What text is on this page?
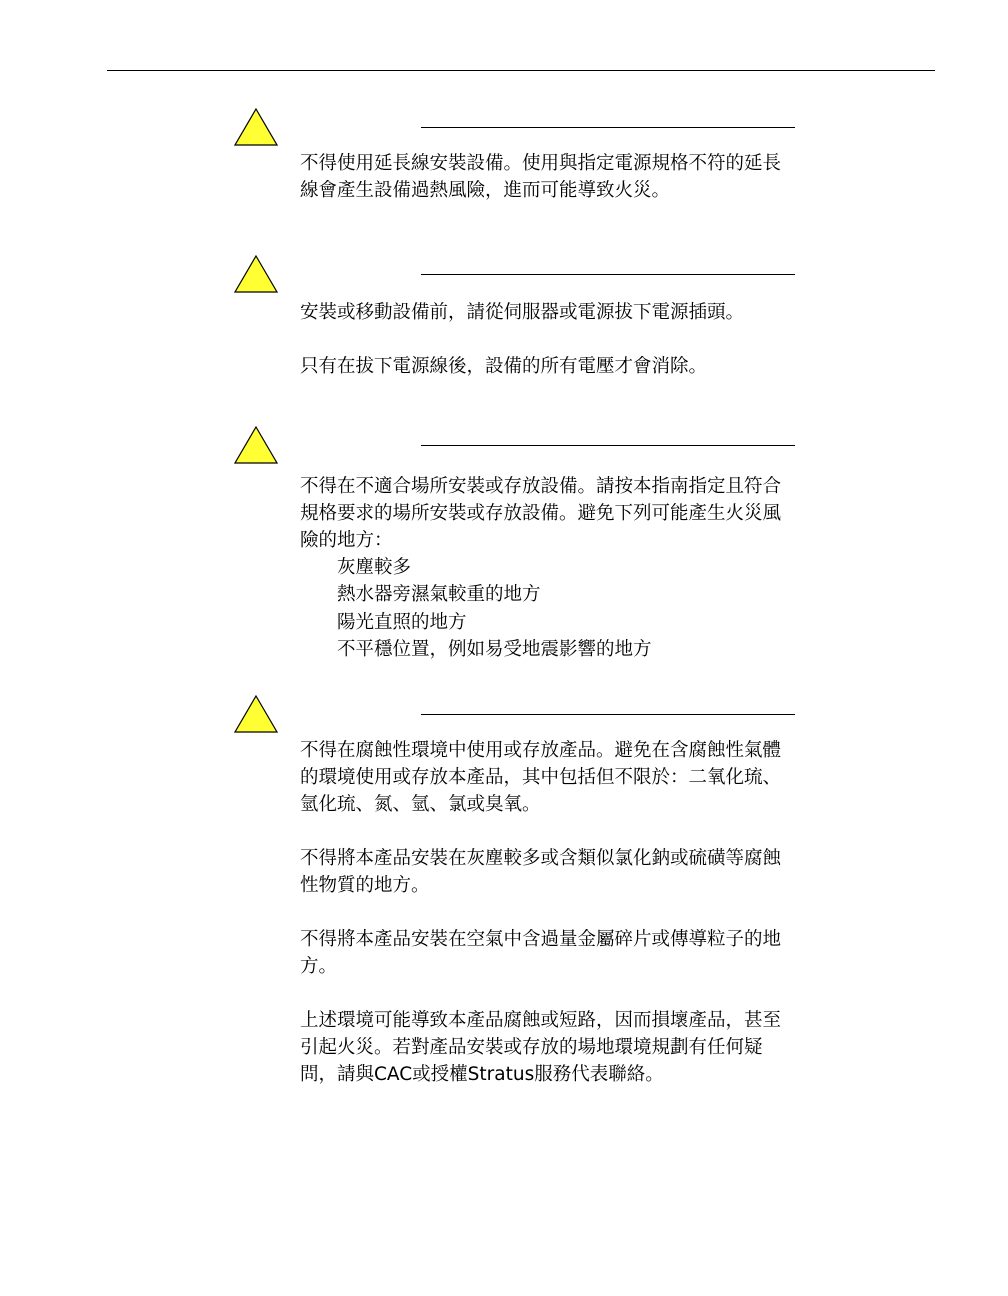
不得使用延長線安裝設備。使用與指定電源規格不符的延長線會產生設備過熱風險，進而可能導致火災。

安裝或移動設備前，請從伺服器或電源拔下電源插頭。

只有在拔下電源線後，設備的所有電壓才會消除。

不得在不適合場所安裝或存放設備。請按本指南指定且符合規格要求的場所安裝或存放設備。避免下列可能產生火災風險的地方：

灰塵較多
熱水器旁濕氣較重的地方
陽光直照的地方
不平穩位置，例如易受地震影響的地方

不得在腐蝕性環境中使用或存放產品。避免在含腐蝕性氣體的環境使用或存放本產品，其中包括但不限於：二氧化琉、氫化琉、氮、氫、氯或臭氧。

不得將本產品安裝在灰塵較多或含類似氯化鈉或硫磺等腐蝕性物質的地方。

不得將本產品安裝在空氣中含過量金屬碎片或傳導粒子的地方。

上述環境可能導致本產品腐蝕或短路，因而損壞產品，甚至引起火災。若對產品安裝或存放的場地環境規劃有任何疑問，請與CAC或授權Stratus服務代表聯絡。
